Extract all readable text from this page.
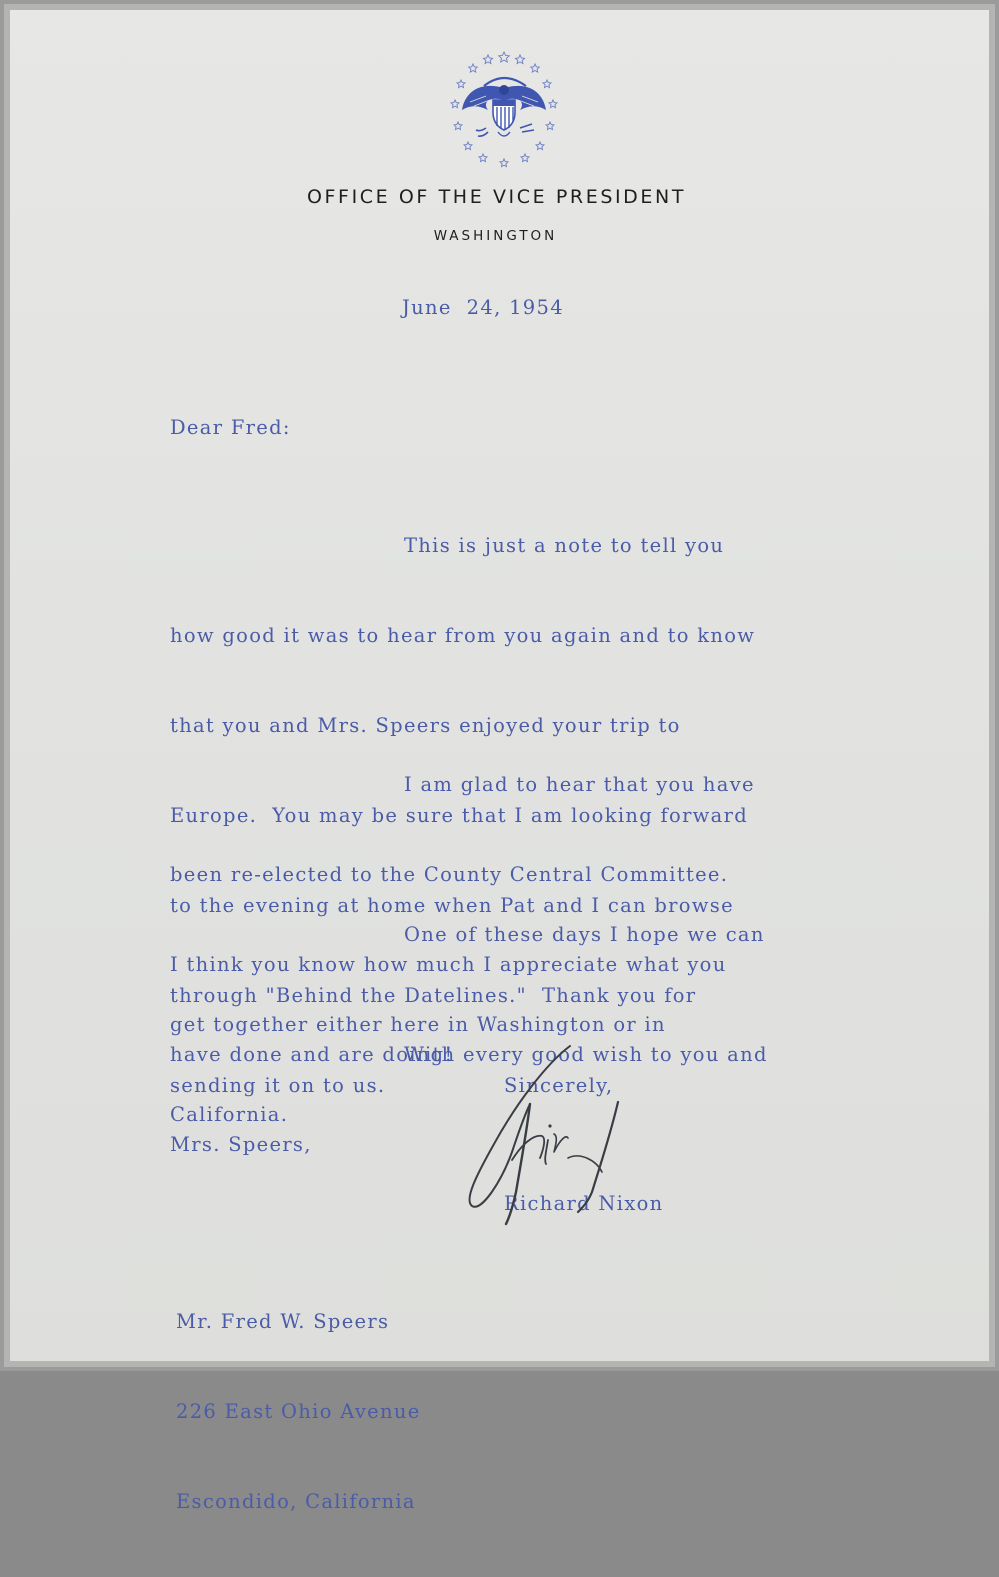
OFFICE OF THE VICE PRESIDENT
WASHINGTON
June  24, 1954
Dear Fred:

This is just a note to tell you

how good it was to hear from you again and to know

that you and Mrs. Speers enjoyed your trip to

Europe.  You may be sure that I am looking forward

to the evening at home when Pat and I can browse

through "Behind the Datelines."  Thank you for

sending it on to us.

I am glad to hear that you have

been re-elected to the County Central Committee.

I think you know how much I appreciate what you

have done and are doing!

One of these days I hope we can

get together either here in Washington or in

California.

With every good wish to you and

Mrs. Speers,

Sincerely,
Richard Nixon

Mr. Fred W. Speers

226 East Ohio Avenue

Escondido, California
